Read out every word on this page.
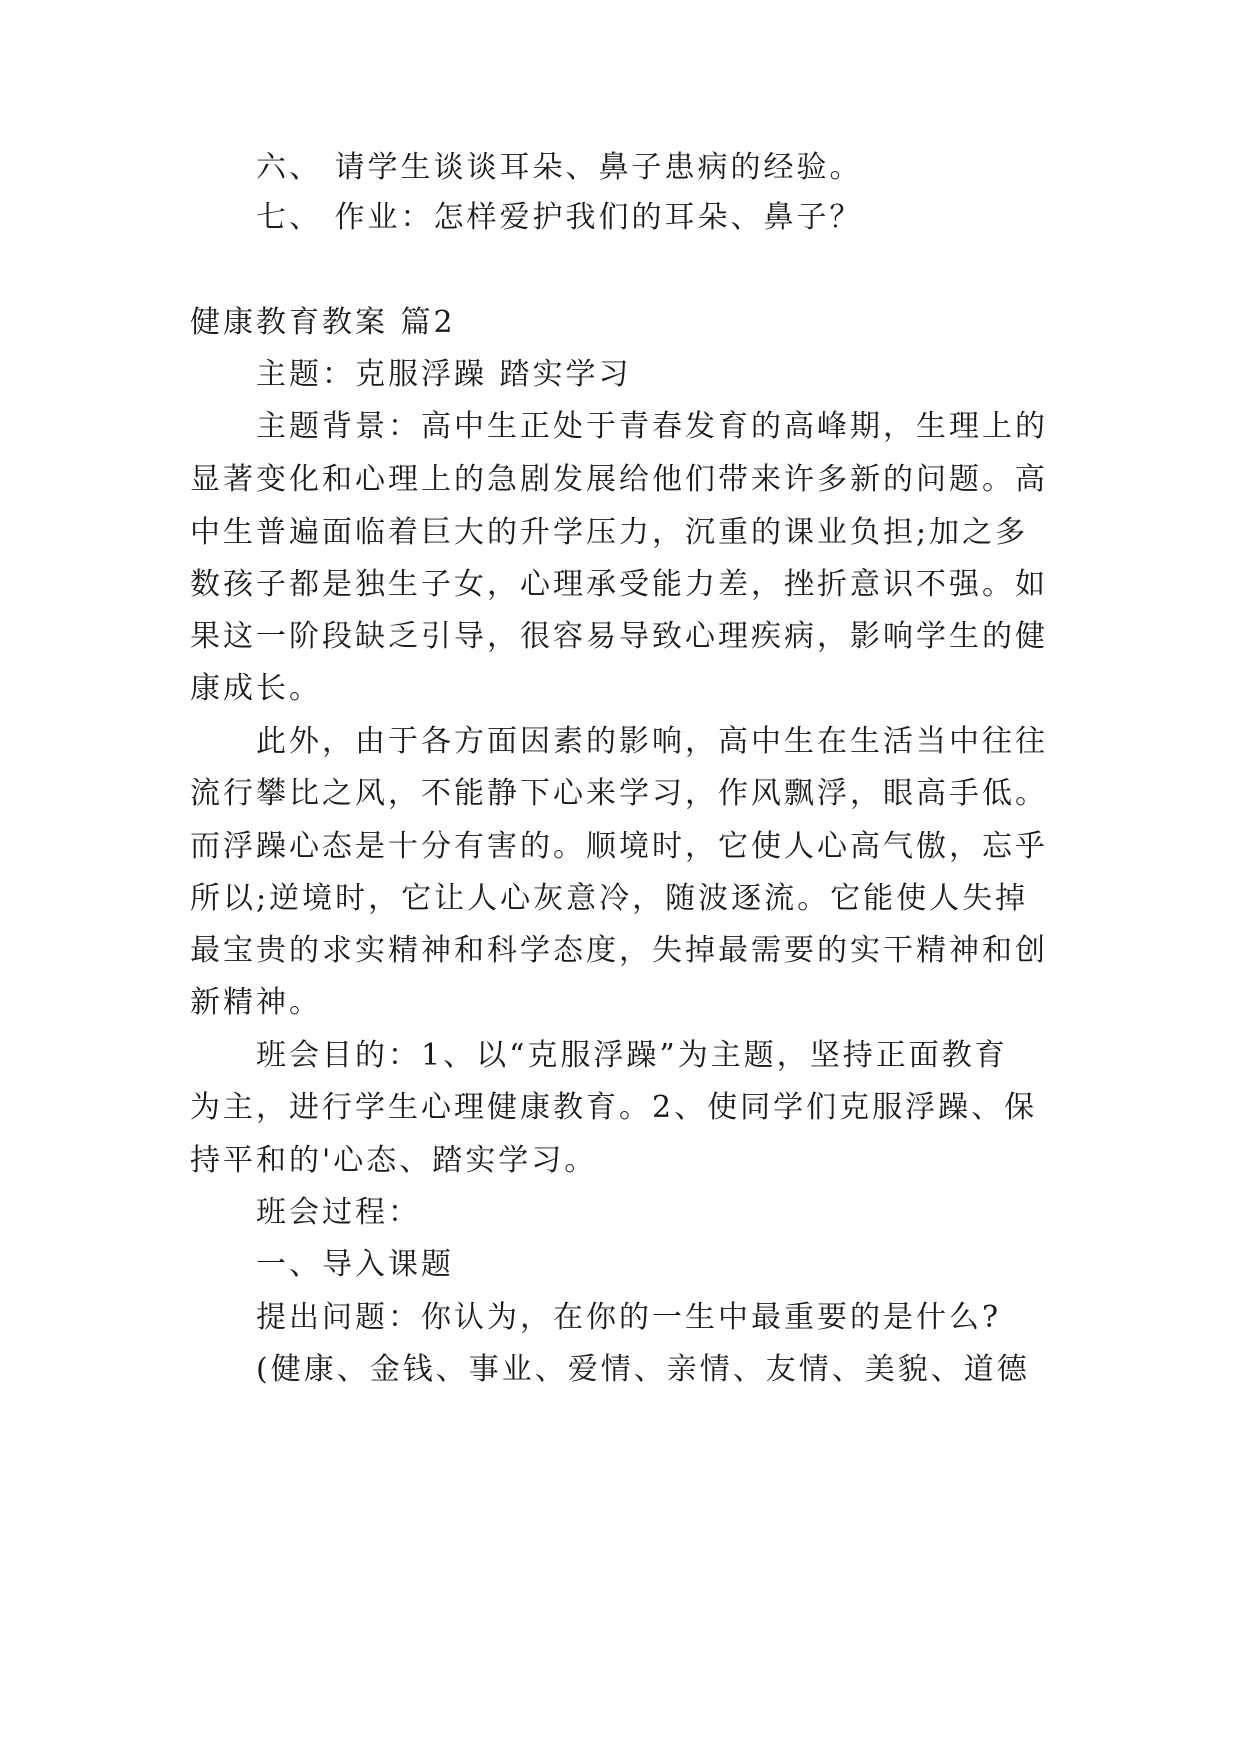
六、 请学生谈谈耳朵、鼻子患病的经验。
七、 作业：怎样爱护我们的耳朵、鼻子？
健康教育教案 篇2
主题：克服浮躁 踏实学习
主题背景：高中生正处于青春发育的高峰期，生理上的
显著变化和心理上的急剧发展给他们带来许多新的问题。高
中生普遍面临着巨大的升学压力，沉重的课业负担;加之多
数孩子都是独生子女，心理承受能力差，挫折意识不强。如
果这一阶段缺乏引导，很容易导致心理疾病，影响学生的健
康成长。
此外，由于各方面因素的影响，高中生在生活当中往往
流行攀比之风，不能静下心来学习，作风飘浮，眼高手低。
而浮躁心态是十分有害的。顺境时，它使人心高气傲，忘乎
所以;逆境时，它让人心灰意冷，随波逐流。它能使人失掉
最宝贵的求实精神和科学态度，失掉最需要的实干精神和创
新精神。
班会目的：1、以“克服浮躁”为主题，坚持正面教育
为主，进行学生心理健康教育。2、使同学们克服浮躁、保
持平和的'心态、踏实学习。
班会过程：
一、导入课题
提出问题：你认为，在你的一生中最重要的是什么?
(健康、金钱、事业、爱情、亲情、友情、美貌、道德
